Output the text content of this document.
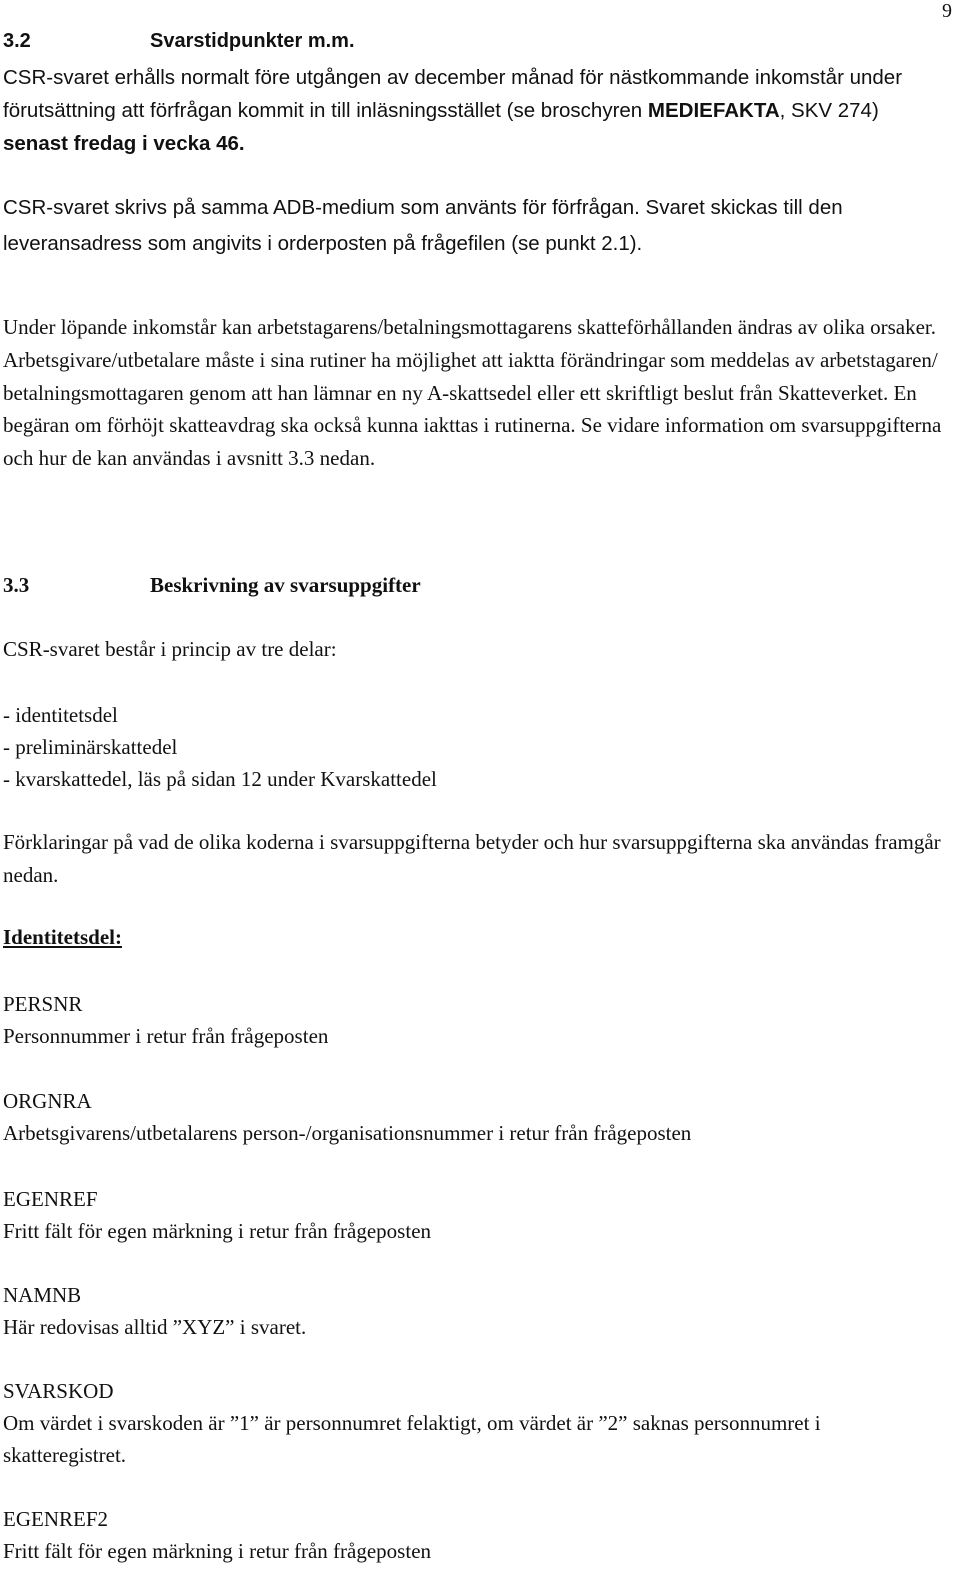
9
3.2	Svarstidpunkter m.m.
CSR-svaret erhålls normalt före utgången av december månad för nästkommande inkomstår under förutsättning att förfrågan kommit in till inläsningsstället (se broschyren MEDIEFAKTA, SKV 274) senast fredag i vecka 46.
CSR-svaret skrivs på samma ADB-medium som använts för förfrågan. Svaret skickas till den leveransadress som angivits i orderposten på frågefilen (se punkt 2.1).
Under löpande inkomstår kan arbetstagarens/betalningsmottagarens skatteförhållanden ändras av olika orsaker. Arbetsgivare/utbetalare måste i sina rutiner ha möjlighet att iaktta förändringar som meddelas av arbetstagaren/ betalningsmottagaren genom att han lämnar en ny A-skattsedel eller ett skriftligt beslut från Skatteverket. En begäran om förhöjt skatteavdrag ska också kunna iakttas i rutinerna. Se vidare information om svarsuppgifterna och hur de kan användas i avsnitt 3.3 nedan.
3.3	Beskrivning av svarsuppgifter
CSR-svaret består i princip av tre delar:
- identitetsdel
- preliminärskattedel
- kvarskattedel, läs på sidan 12 under Kvarskattedel
Förklaringar på vad de olika koderna i svarsuppgifterna betyder och hur svarsuppgifterna ska användas framgår nedan.
Identitetsdel:
PERSNR
Personnummer i retur från frågeposten
ORGNRA
Arbetsgivarens/utbetalarens person-/organisationsnummer i retur från frågeposten
EGENREF
Fritt fält för egen märkning i retur från frågeposten
NAMNB
Här redovisas alltid ”XYZ” i svaret.
SVARSKOD
Om värdet i svarskoden är ”1” är personnumret felaktigt, om värdet är ”2” saknas personnumret i skatteregistret.
EGENREF2
Fritt fält för egen märkning i retur från frågeposten
